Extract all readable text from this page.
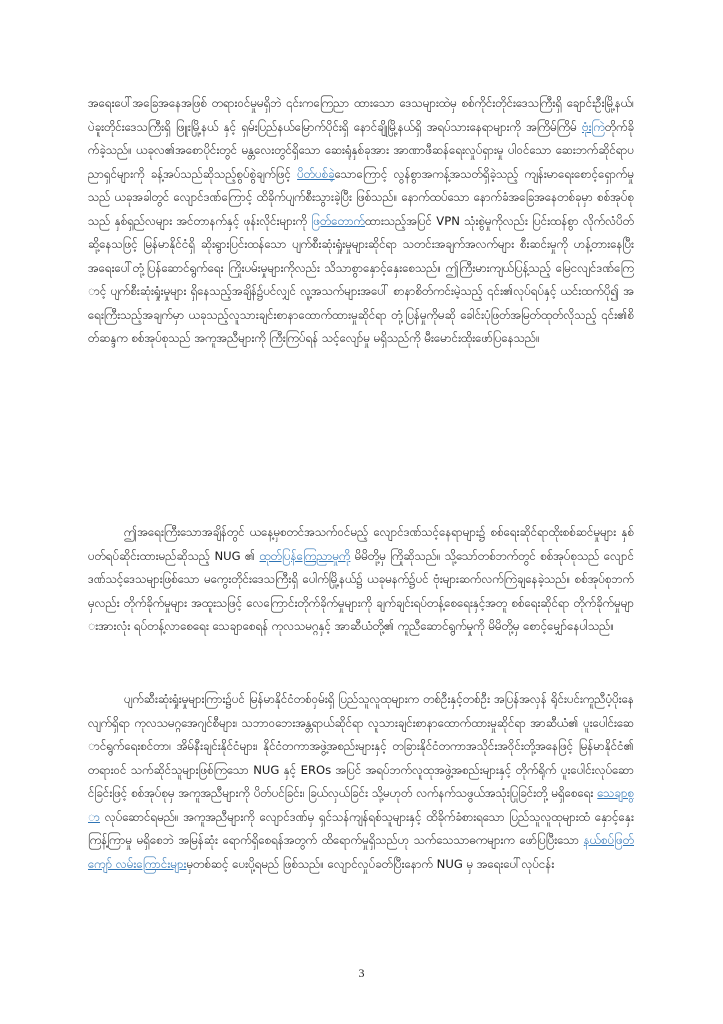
အရေးပေါ်အခြေအနေအဖြစ် တရားဝင်မှုမရှိဘဲ ၎င်းကကြေညာ ထားသော ဒေသများထဲမှ စစ်ကိုင်းတိုင်းဒေသကြီးရှိ ချောင်းဦးမြို့နယ်၊ ပဲခူးတိုင်းဒေသကြီးရှိ ဖြူးမြို့နယ် နှင့် ရှမ်းပြည်နယ်မြောက်ပိုင်းရှိ နောင်ချိုမြို့နယ်ရှိ အရပ်သားနေရာများကို အကြိမ်ကြိမ် ဗုံးကြဲတိုက်ခိုက်ခဲ့သည်။ ယခုလ၏အစောပိုင်းတွင် မန္တလေးတွင်ရှိသော ဆေးရုံနှစ်ခုအား အာဏာဖီဆန်ရေးလှုပ်ရှားမှု ပါဝင်သော ဆေးဘက်ဆိုင်ရာပညာရှင်များကို ခန့်အပ်သည်ဆိုသည့်စွပ်စွဲချက်ဖြင့် ပိတ်ပစ်ခဲ့သောကြောင့် လွန်စွာအကန့်အသတ်ရှိခဲ့သည့် ကျန်းမာရေးစောင့်ရှောက်မှုသည် ယခုအခါတွင် လျောင်ဒဏ်ကြောင့် ထိခိုက်ပျက်စီးသွားခဲ့ပြီး ဖြစ်သည်။ နောက်ထပ်သော နောက်ခံအခြေအနေတစ်ခုမှာ စစ်အုပ်စုသည် နှစ်ရှည်လများ အင်တာနက်နှင့် ဖုန်းလိုင်းများကို ဖြတ်တောက်ထားသည့်အပြင် VPN သုံးစွဲမှုကိုလည်း ပြင်းထန်စွာ လိုက်လံပိတ်ဆို့နေသဖြင့် မြန်မာနိုင်ငံရှိ ဆိုးရွားပြင်းထန်သော ပျက်စီးဆုံးရှုံးမှုများဆိုင်ရာ သတင်းအချက်အလက်များ စီးဆင်းမှုကို ဟန့်တားနေပြီး အရေးပေါ်တုံ့ပြန်ဆောင်ရွက်ရေး ကြိုးပမ်းမှုများကိုလည်း သိသာစွာနှောင့်နှေးစေသည်။ ဤကြီးမားကျယ်ပြန့်သည့် မြေငလျင်ဒဏ်ကြောင့် ပျက်စီးဆုံးရှုံးမှုများ ရှိနေသည့်အချိန်၌ပင်လျှင် လူ့အသက်များအပေါ် စာနာစိတ်ကင်းမဲ့သည့် ၎င်း၏လုပ်ရပ်နှင့် ယင်းထက်ပို၍ အရေးကြီးသည့်အချက်မှာ ယခုသည့်လူသားချင်းစာနာထောက်ထားမှုဆိုင်ရာ တုံ့ပြန်မှုကိုမဆို ခေါင်းပုံဖြတ်အမြတ်ထုတ်လိုသည့် ၎င်း၏စိတ်ဆန္ဒက စစ်အုပ်စုသည် အကူအညီများကို ကြီးကြပ်ရန် သင့်လျော်မှု မရှိသည်ကို မီးမောင်းထိုးဖော်ပြနေသည်။

ဤအရေးကြီးသောအချိန်တွင် ယနေ့မှစတင်အသက်ဝင်မည့် လျောင်ဒဏ်သင့်နေရာများ၌ စစ်ရေးဆိုင်ရာထိုးစစ်ဆင်မှုများ နှစ်ပတ်ရပ်ဆိုင်းထားမည်ဆိုသည့် NUG ၏ ထုတ်ပြန်ကြေညာမှုကို မိမိတို့မှ ကြိုဆိုသည်။ သို့သော်တစ်ဘက်တွင် စစ်အုပ်စုသည် လျောင်ဒဏ်သင့်ဒေသများဖြစ်သော မကွေးတိုင်းဒေသကြီးရှိ ပေါက်မြို့နယ်၌ ယခုမနက်၌ပင် ဗုံးများဆက်လက်ကြဲချနေခဲ့သည်။ စစ်အုပ်စုဘက်မှလည်း တိုက်ခိုက်မှုများ အထူးသဖြင့် လေကြောင်းတိုက်ခိုက်မှုများကို ချက်ချင်းရပ်တန့်စေရေးနှင့်အတူ စစ်ရေးဆိုင်ရာ တိုက်ခိုက်မှုများအားလုံး ရပ်တန့်လာစေရေး သေချာစေရန် ကုလသမဂ္ဂနှင့် အာဆီယံတို့၏ ကူညီဆောင်ရွက်မှုကို မိမိတို့မှ စောင့်မျှော်နေပါသည်။

ပျက်ဆီးဆုံးရှုံးမှုများကြား၌ပင် မြန်မာနိုင်ငံတစ်ဝှမ်းရှိ ပြည်သူလူထုများက တစ်ဦးနှင့်တစ်ဦး အပြန်အလှန် ရိုင်းပင်းကူညီပံ့ပိုးနေလျက်ရှိရာ ကုလသမဂ္ဂအေဂျင်စီများ၊ သဘာဝဘေးအန္တရာယ်ဆိုင်ရာ လူသားချင်းစာနာထောက်ထားမှုဆိုင်ရာ အာဆီယံ၏ ပူးပေါင်းဆောင်ရွက်ရေးစင်တာ၊ အိမ်နီးချင်းနိုင်ငံများ၊ နိုင်ငံတကာအဖွဲ့အစည်းများနှင့် တခြားနိုင်ငံတကာအသိုင်းအဝိုင်းတို့အနေဖြင့် မြန်မာနိုင်ငံ၏ တရားဝင် သက်ဆိုင်သူများဖြစ်ကြသော NUG နှင့် EROs အပြင် အရပ်ဘက်လူထုအဖွဲ့အစည်းများနှင့် တိုက်ရိုက် ပူးပေါင်းလုပ်ဆောင်ခြင်းဖြင့် စစ်အုပ်စုမှ အကူအညီများကို ပိတ်ပင်ခြင်း၊ ခြယ်လှယ်ခြင်း သို့မဟုတ် လက်နက်သဖွယ်အသုံးပြုခြင်းတို့ မရှိစေရေး သေချာစွာ လုပ်ဆောင်ရမည်။ အကူအညီများကို လျောင်ဒဏ်မှ ရှင်သန်ကျန်ရစ်သူများနှင့် ထိခိုက်ခံစားရသော ပြည်သူလူထုများထံ နှောင့်နှေးကြန့်ကြာမှု မရှိစေဘဲ အမြန်ဆုံး ရောက်ရှိစေရန်အတွက် ထိရောက်မှုရှိသည်ဟု သက်သေသာဓကများက ဖော်ပြပြီးသော နယ်စပ်ဖြတ်ကျော် လမ်းကြောင်းများမှတစ်ဆင့် ပေးပို့ရမည် ဖြစ်သည်။ လျောင်လှုပ်ခတ်ပြီးနောက် NUG မှ အရေးပေါ်လုပ်ငန်း

3
